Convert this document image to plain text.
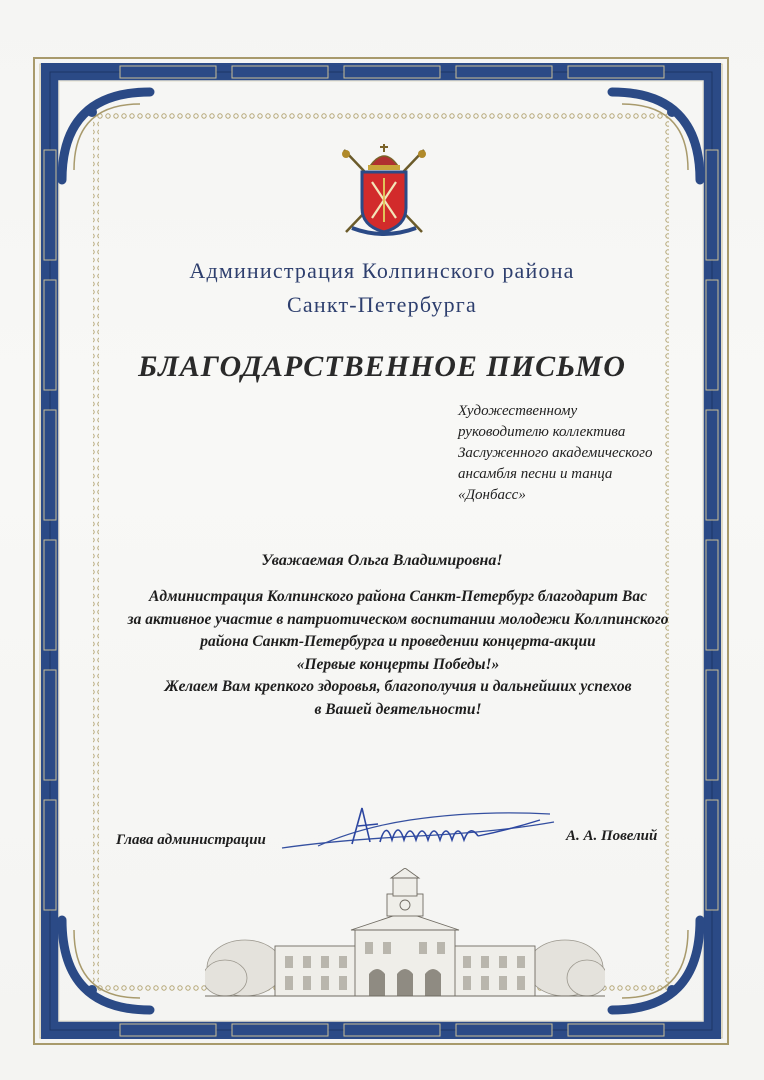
Администрация Колпинского района
Санкт-Петербурга
БЛАГОДАРСТВЕННОЕ ПИСЬМО
Художественному
руководителю коллектива
Заслуженного академического
ансамбля песни и танца
«Донбасс»
Уважаемая Ольга Владимировна!
Администрация Колпинского района Санкт-Петербург благодарит Вас
за активное участие в патриотическом воспитании молодежи Коллпинского
района Санкт-Петербурга и проведении концерта-акции
«Первые концерты Победы!»
Желаем Вам крепкого здоровья, благополучия и дальнейших успехов
в Вашей деятельности!
Глава администрации	А. А. Повелий
